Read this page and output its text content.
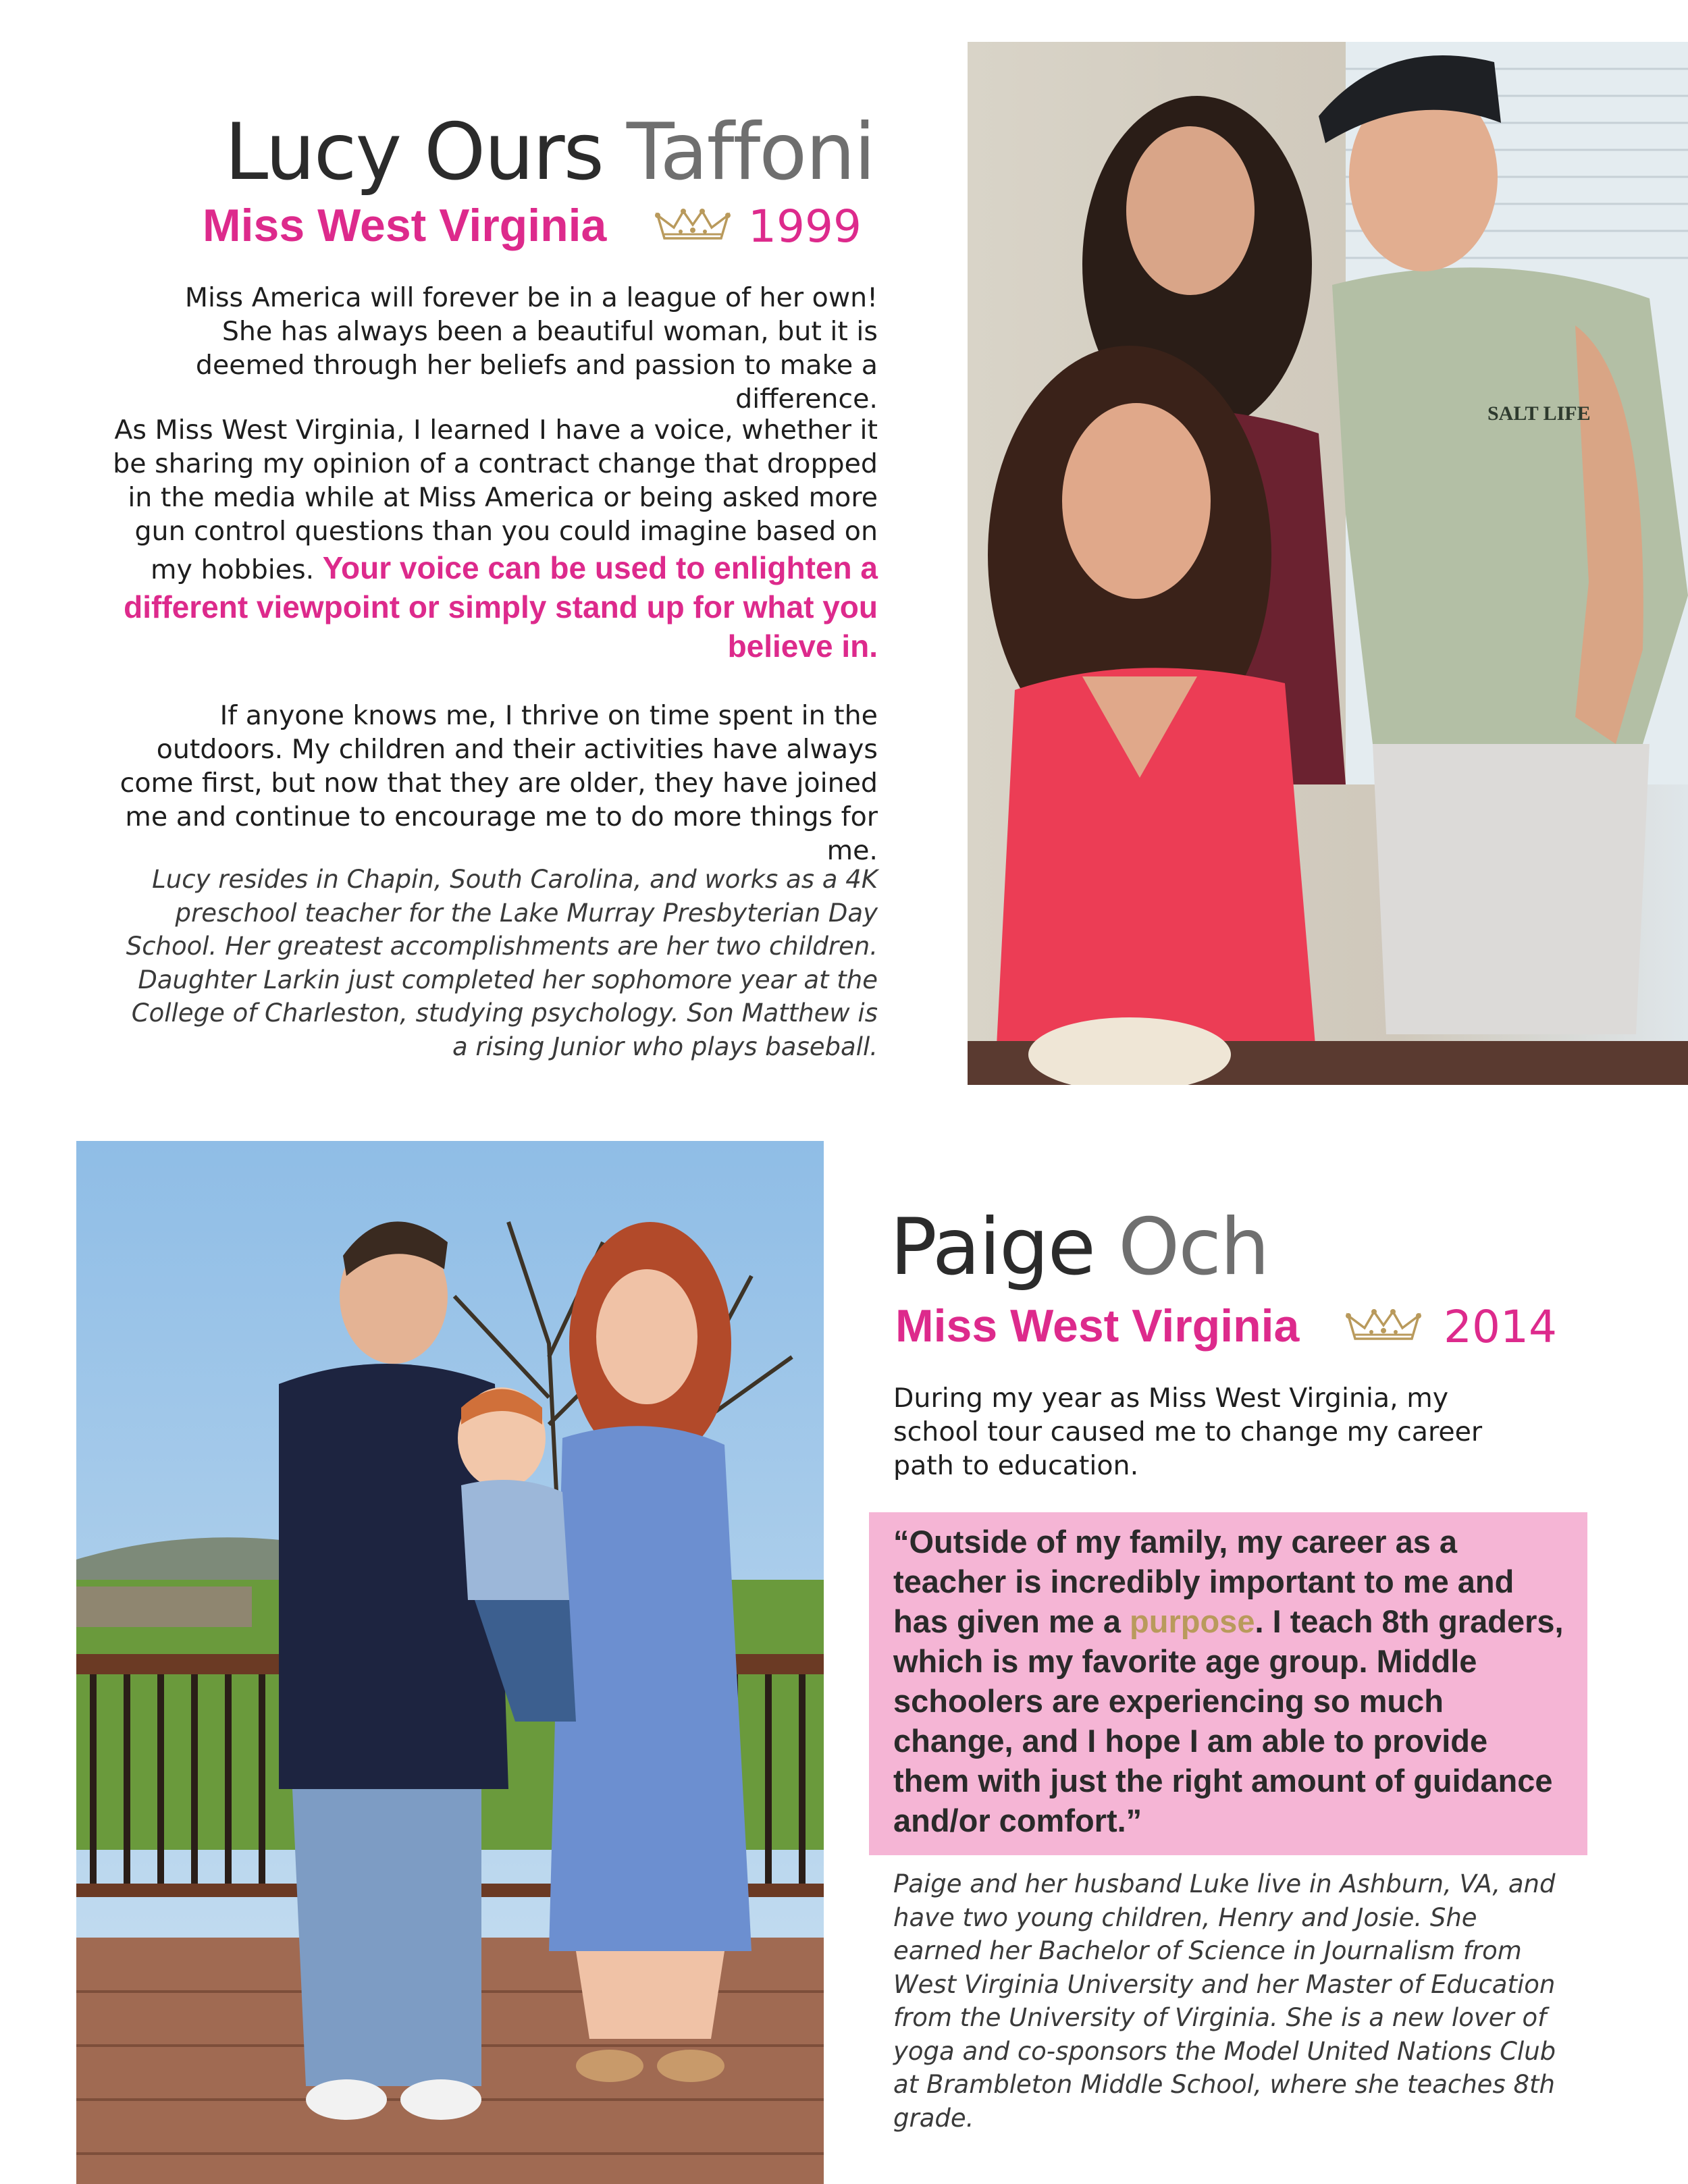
Lucy Ours Taffoni
Miss West Virginia	1999
Miss America will forever be in a league of her own! She has always been a beautiful woman, but it is deemed through her beliefs and passion to make a difference.
As Miss West Virginia, I learned I have a voice, whether it be sharing my opinion of a contract change that dropped in the media while at Miss America or being asked more gun control questions than you could imagine based on my hobbies. Your voice can be used to enlighten a different viewpoint or simply stand up for what you believe in.
If anyone knows me, I thrive on time spent in the outdoors. My children and their activities have always come first, but now that they are older, they have joined me and continue to encourage me to do more things for me.
Lucy resides in Chapin, South Carolina, and works as a 4K preschool teacher for the Lake Murray Presbyterian Day School. Her greatest accomplishments are her two children. Daughter Larkin just completed her sophomore year at the College of Charleston, studying psychology. Son Matthew is a rising Junior who plays baseball.
SALT LIFE
Paige Och
Miss West Virginia	2014
During my year as Miss West Virginia, my school tour caused me to change my career path to education.
“Outside of my family, my career as a teacher is incredibly important to me and has given me a purpose. I teach 8th graders, which is my favorite age group. Middle schoolers are experiencing so much change, and I hope I am able to provide them with just the right amount of guidance and/or comfort.”
Paige and her husband Luke live in Ashburn, VA, and have two young children, Henry and Josie. She earned her Bachelor of Science in Journalism from West Virginia University and her Master of Education from the University of Virginia. She is a new lover of yoga and co-sponsors the Model United Nations Club at Brambleton Middle School, where she teaches 8th grade.
